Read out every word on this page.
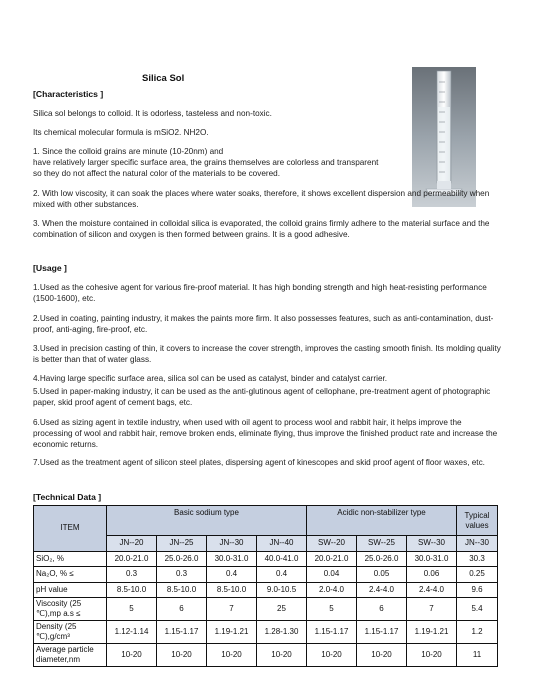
Silica Sol
[Characteristics ]
Silica sol belongs to colloid. It is odorless, tasteless and non-toxic.
Its chemical molecular formula is mSiO2. NH2O.
1. Since the colloid grains are minute (10-20nm) and
have relatively larger specific surface area, the grains themselves are colorless and transparent
so they do not affect the natural color of the materials to be covered.
2. With low viscosity, it can soak the places where water soaks, therefore, it shows excellent dispersion and permeability when mixed with other substances.
3. When the moisture contained in colloidal silica is evaporated, the colloid grains firmly adhere to the material surface and the combination of silicon and oxygen is then formed between grains. It is a good adhesive.
[Usage ]
1.Used as the cohesive agent for various fire-proof material. It has high bonding strength and high heat-resisting performance (1500-1600), etc.
2.Used in coating, painting industry, it makes the paints more firm. It also possesses features, such as anti-contamination, dust-proof, anti-aging, fire-proof, etc.
3.Used in precision casting of thin, it covers to increase the cover strength, improves the casting smooth finish. Its molding quality is better than that of water glass.
4.Having large specific surface area, silica sol can be used as catalyst, binder and catalyst carrier.
5.Used in paper-making industry, it can be used as the anti-glutinous agent of cellophane, pre-treatment agent of photographic paper, skid proof agent of cement bags, etc.
6.Used as sizing agent in textile industry, when used with oil agent to process wool and rabbit hair, it helps improve the processing of wool and rabbit hair, remove broken ends, eliminate flying, thus improve the finished product rate and increase the economic returns.
7.Used as the treatment agent of silicon steel plates, dispersing agent of kinescopes and skid proof agent of floor waxes, etc.
[Technical Data ]
ITEM	Basic sodium type				Acidic non-stabilizer type			Typical values
	JN--20	JN--25	JN--30	JN--40	SW--20	SW--25	SW--30	JN--30
SiO₂, %	20.0-21.0	25.0-26.0	30.0-31.0	40.0-41.0	20.0-21.0	25.0-26.0	30.0-31.0	30.3
Na₂O, % ≤	0.3	0.3	0.4	0.4	0.04	0.05	0.06	0.25
pH value	8.5-10.0	8.5-10.0	8.5-10.0	9.0-10.5	2.0-4.0	2.4-4.0	2.4-4.0	9.6
Viscosity (25 ℃),mp a.s ≤	5	6	7	25	5	6	7	5.4
Density (25 ℃),g/cm³	1.12-1.14	1.15-1.17	1.19-1.21	1.28-1.30	1.15-1.17	1.15-1.17	1.19-1.21	1.2
Average particle diameter,nm	10-20	10-20	10-20	10-20	10-20	10-20	10-20	11
